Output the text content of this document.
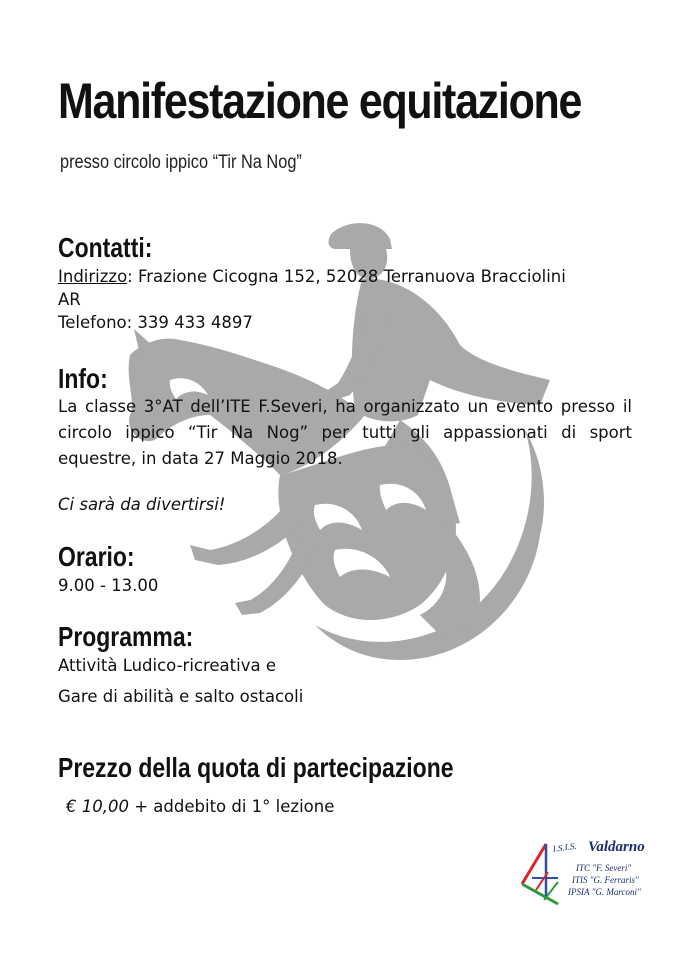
Manifestazione equitazione
presso circolo ippico “Tir Na Nog”
Contatti:
Indirizzo: Frazione Cicogna 152, 52028 Terranuova Bracciolini
AR
Telefono: 339 433 4897
Info:
La classe 3°AT dell’ITE F.Severi, ha organizzato un evento presso il circolo ippico “Tir Na Nog” per tutti gli appassionati di sport equestre, in data 27 Maggio 2018.
Ci sarà da divertirsi!
Orario:
9.00 - 13.00
Programma:
Attività Ludico-ricreativa e
Gare di abilità e salto ostacoli
Prezzo della quota di partecipazione
€ 10,00 + addebito di 1° lezione
I.S.I.S. Valdarno
ITC "F. Severi"
ITIS "G. Ferraris"
IPSIA "G. Marconi"
